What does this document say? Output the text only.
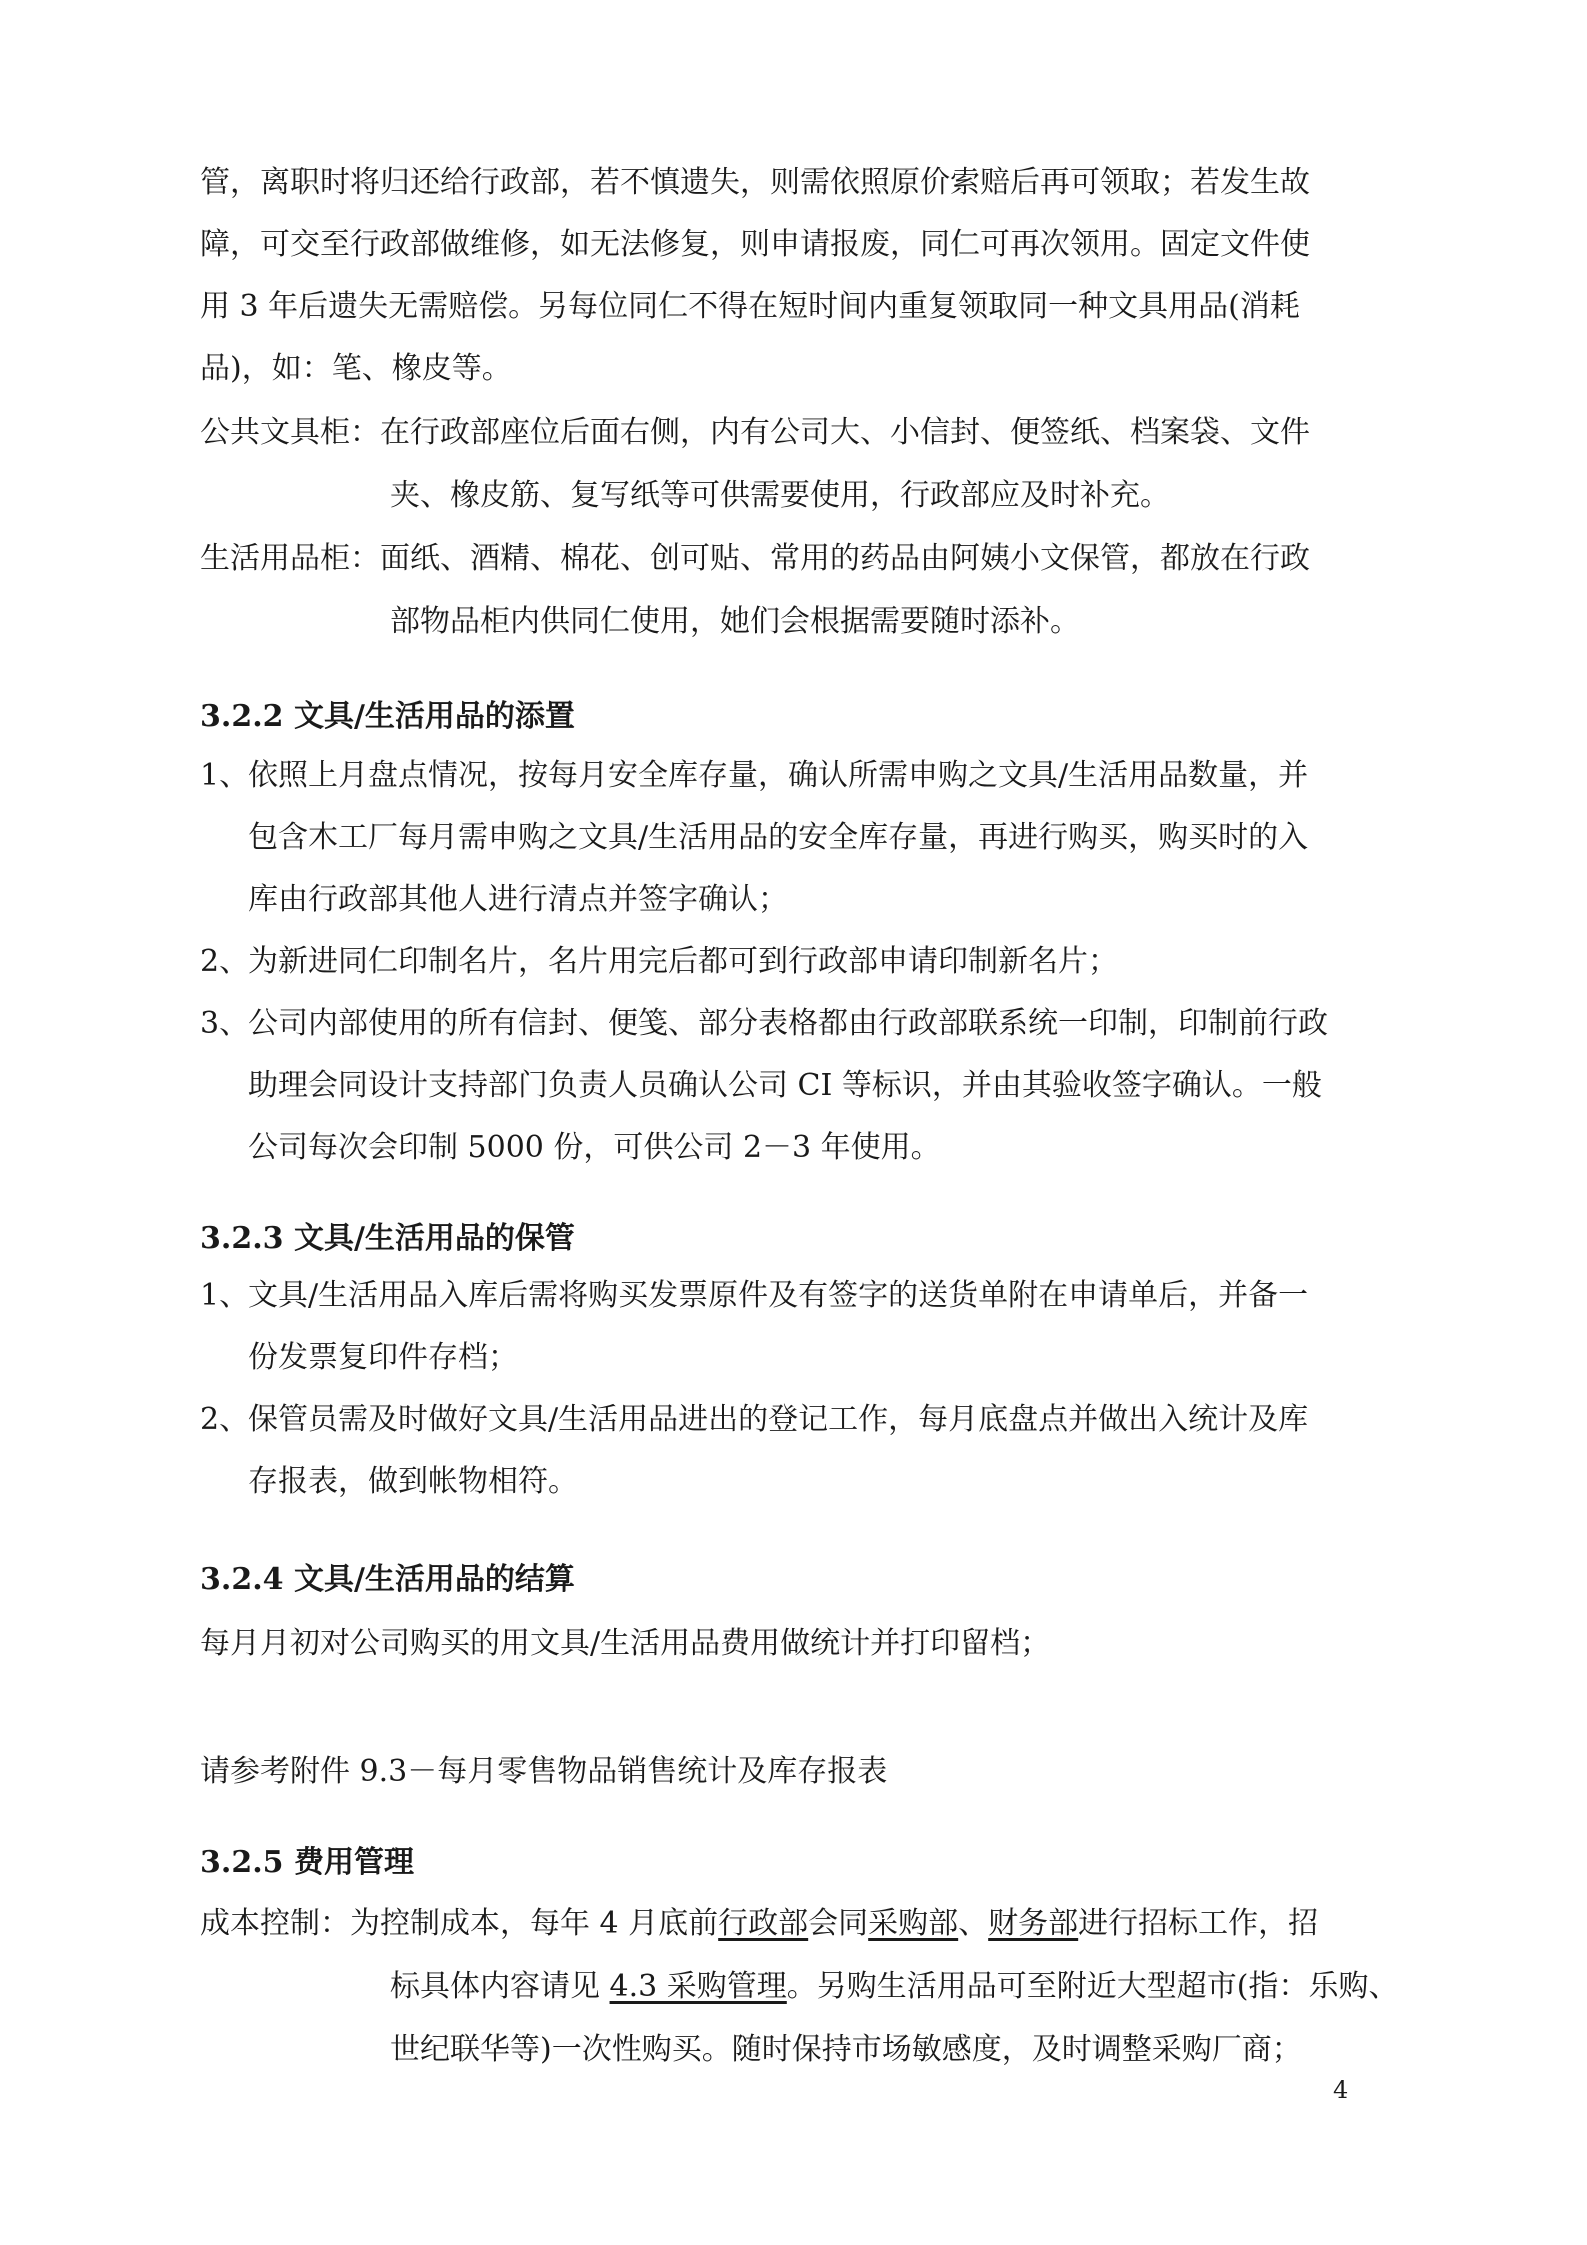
管，离职时将归还给行政部，若不慎遗失，则需依照原价索赔后再可领取；若发生故
障，可交至行政部做维修，如无法修复，则申请报废，同仁可再次领用。固定文件使
用 3 年后遗失无需赔偿。另每位同仁不得在短时间内重复领取同一种文具用品(消耗
品)，如：笔、橡皮等。
公共文具柜：在行政部座位后面右侧，内有公司大、小信封、便签纸、档案袋、文件
夹、橡皮筋、复写纸等可供需要使用，行政部应及时补充。
生活用品柜：面纸、酒精、棉花、创可贴、常用的药品由阿姨小文保管，都放在行政
部物品柜内供同仁使用，她们会根据需要随时添补。
3.2.2 文具/生活用品的添置
1、依照上月盘点情况，按每月安全库存量，确认所需申购之文具/生活用品数量，并
包含木工厂每月需申购之文具/生活用品的安全库存量，再进行购买，购买时的入
库由行政部其他人进行清点并签字确认；
2、为新进同仁印制名片，名片用完后都可到行政部申请印制新名片；
3、公司内部使用的所有信封、便笺、部分表格都由行政部联系统一印制，印制前行政
助理会同设计支持部门负责人员确认公司 CI 等标识，并由其验收签字确认。一般
公司每次会印制 5000 份，可供公司 2－3 年使用。
3.2.3 文具/生活用品的保管
1、文具/生活用品入库后需将购买发票原件及有签字的送货单附在申请单后，并备一
份发票复印件存档；
2、保管员需及时做好文具/生活用品进出的登记工作，每月底盘点并做出入统计及库
存报表，做到帐物相符。
3.2.4 文具/生活用品的结算
每月月初对公司购买的用文具/生活用品费用做统计并打印留档；
请参考附件 9.3－每月零售物品销售统计及库存报表
3.2.5 费用管理
成本控制：为控制成本，每年 4 月底前行政部会同采购部、财务部进行招标工作，招
标具体内容请见 4.3 采购管理。另购生活用品可至附近大型超市(指：乐购、
世纪联华等)一次性购买。随时保持市场敏感度，及时调整采购厂商；
4
